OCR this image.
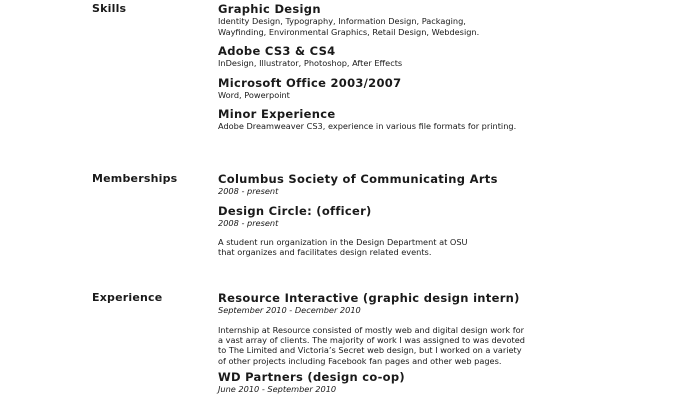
Skills	Graphic Design
Identity Design, Typography, Information Design, Packaging,
Wayfinding, Environmental Graphics, Retail Design, Webdesign.
Adobe CS3 & CS4
InDesign, Illustrator, Photoshop, After Effects
Microsoft Office 2003/2007
Word, Powerpoint
Minor Experience
Adobe Dreamweaver CS3, experience in various file formats for printing.
Memberships	Columbus Society of Communicating Arts
2008 - present
Design Circle: (officer)
2008 - present
A student run organization in the Design Department at OSU
that organizes and facilitates design related events.
Experience	Resource Interactive (graphic design intern)
September 2010 - December 2010
Internship at Resource consisted of mostly web and digital design work for
a vast array of clients. The majority of work I was assigned to was devoted
to The Limited and Victoria’s Secret web design, but I worked on a variety
of other projects including Facebook fan pages and other web pages.
WD Partners (design co-op)
June 2010 - September 2010
